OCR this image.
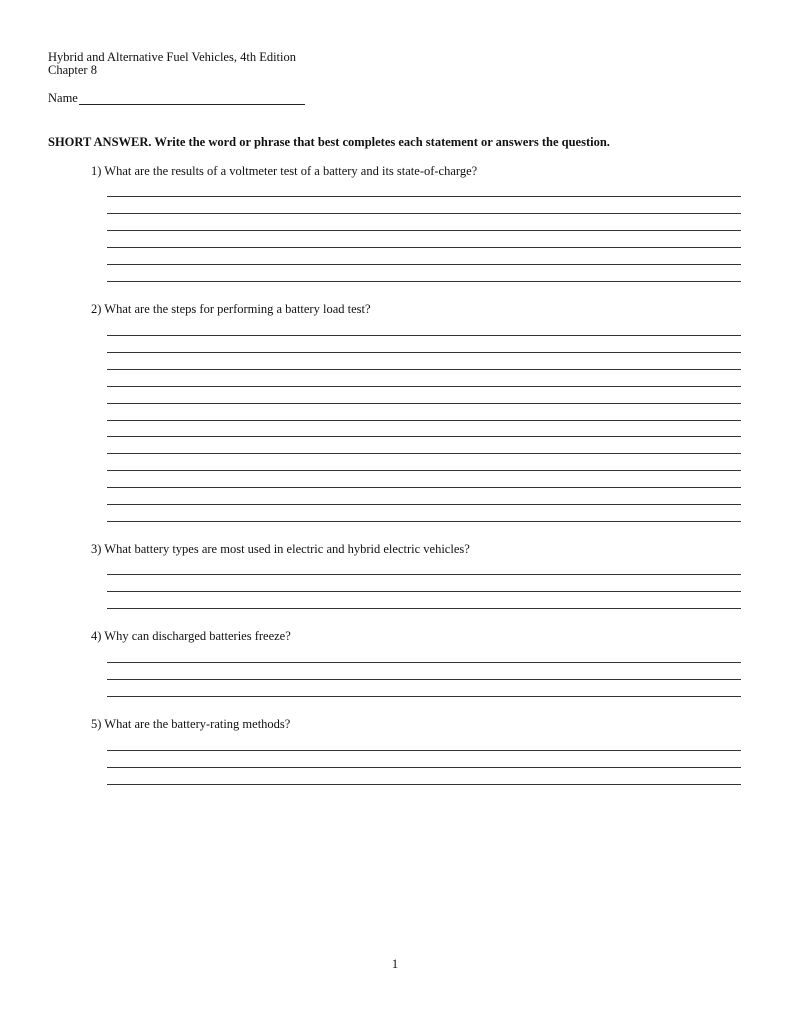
Hybrid and Alternative Fuel Vehicles, 4th Edition
Chapter 8
Name
SHORT ANSWER. Write the word or phrase that best completes each statement or answers the question.
1) What are the results of a voltmeter test of a battery and its state-of-charge?
2) What are the steps for performing a battery load test?
3) What battery types are most used in electric and hybrid electric vehicles?
4) Why can discharged batteries freeze?
5) What are the battery-rating methods?
1
